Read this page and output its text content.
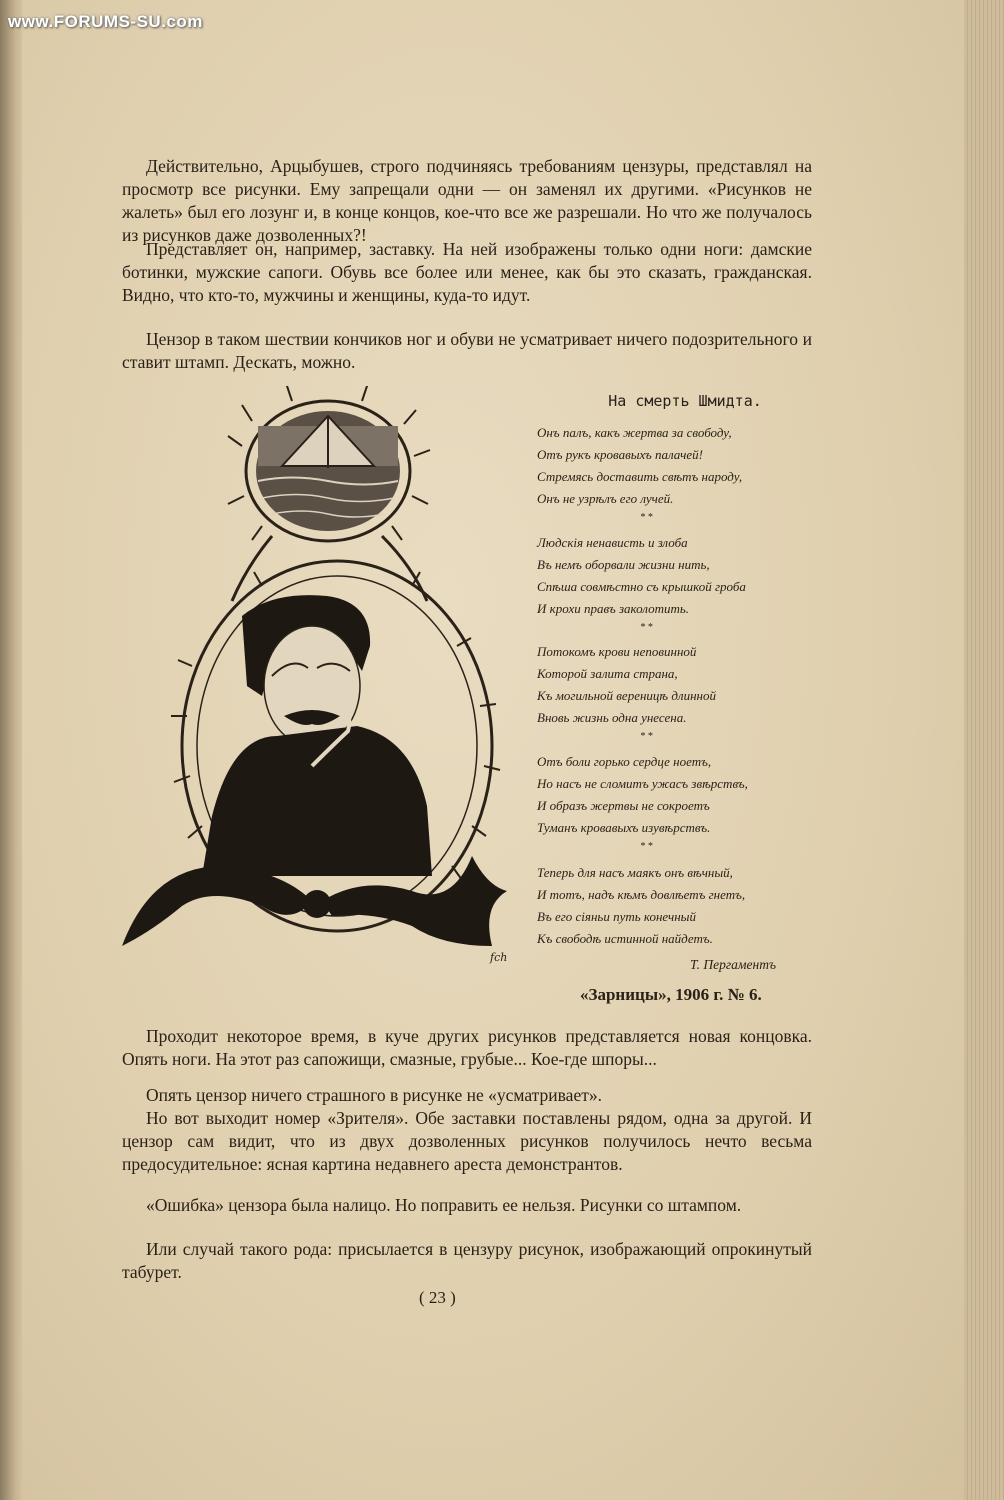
www.FORUMS-SU.com

Действительно, Арцыбушев, строго подчиняясь требованиям цензуры, представлял на просмотр все рисунки. Ему запрещали одни — он заменял их другими. «Рисунков не жалеть» был его лозунг и, в конце концов, кое-что все же разрешали. Но что же получалось из рисунков даже дозволенных?!

Представляет он, например, заставку. На ней изображены только одни ноги: дамские ботинки, мужские сапоги. Обувь все более или менее, как бы это сказать, гражданская. Видно, что кто-то, мужчины и женщины, куда-то идут.

Цензор в таком шествии кончиков ног и обуви не усматривает ничего подозрительного и ставит штамп. Дескать, можно.

fch
На смерть Шмидта.
Онъ палъ, какъ жертва за свободу,
Отъ рукъ кровавыхъ палачей!
Стремясь доставить свѣтъ народу,
Онъ не узрѣлъ его лучей.
* *
Людскія ненависть и злоба
Въ немъ оборвали жизни нить,
Спѣша совмѣстно съ крышкой гроба
И крохи правъ заколотить.
* *
Потокомъ крови неповинной
Которой залита страна,
Къ могильной вереницѣ длинной
Вновь жизнь одна унесена.
* *
Отъ боли горько сердце ноетъ,
Но насъ не сломитъ ужасъ звѣрствъ,
И образъ жертвы не сокроетъ
Туманъ кровавыхъ изувѣрствъ.
* *
Теперь для насъ маякъ онъ вѣчный,
И тотъ, надъ кѣмъ довлѣетъ гнетъ,
Въ его сіяньи путь конечный
Къ свободѣ истинной найдетъ.
Т. Пергаментъ
«Зарницы», 1906 г. № 6.

Проходит некоторое время, в куче других рисунков представляется новая концовка. Опять ноги. На этот раз сапожищи, смазные, грубые... Кое-где шпоры...

Опять цензор ничего страшного в рисунке не «усматривает».

Но вот выходит номер «Зрителя». Обе заставки поставлены рядом, одна за другой. И цензор сам видит, что из двух дозволенных рисунков получилось нечто весьма предосудительное: ясная картина недавнего ареста демонстрантов.

«Ошибка» цензора была налицо. Но поправить ее нельзя. Рисунки со штампом.

Или случай такого рода: присылается в цензуру рисунок, изображающий опрокинутый табурет.

( 23 )
